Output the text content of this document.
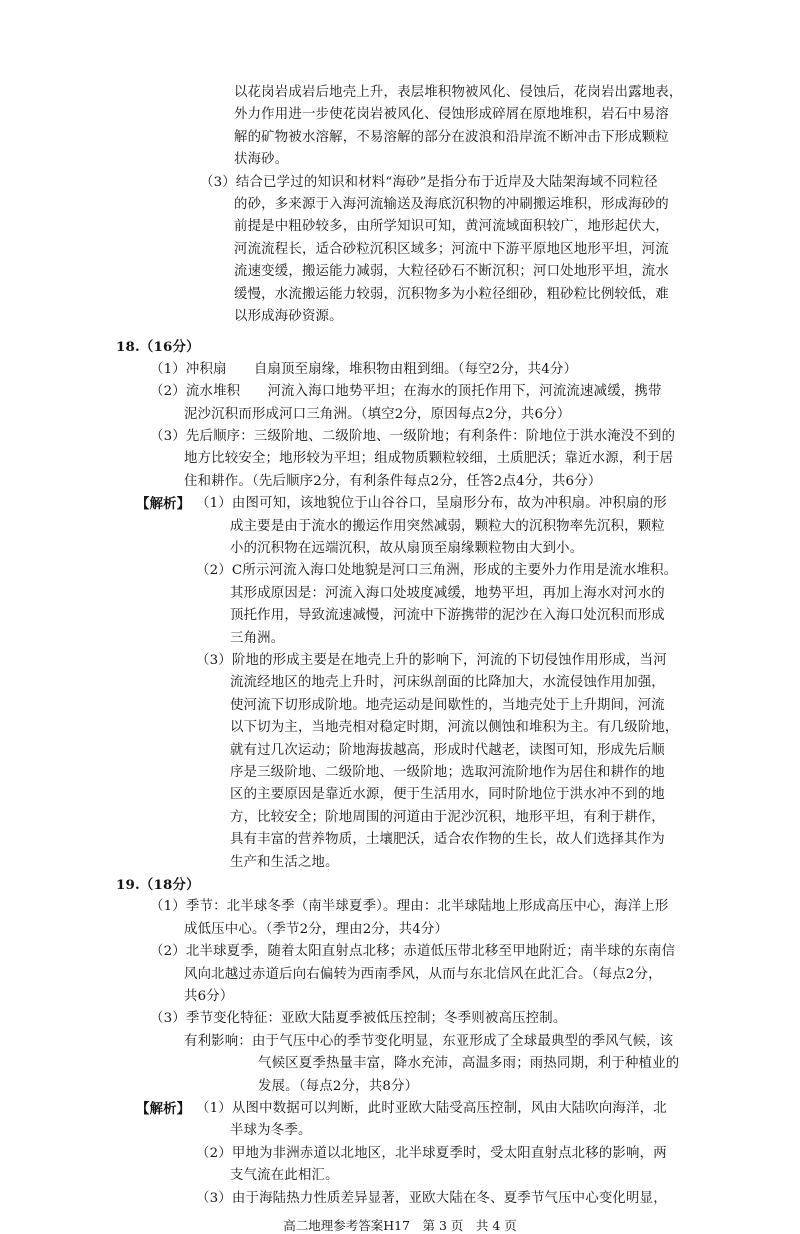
高二地理参考答案H17　第 3 页　共 4 页
以花岗岩成岩后地壳上升，表层堆积物被风化、侵蚀后，花岗岩出露地表，
外力作用进一步使花岗岩被风化、侵蚀形成碎屑在原地堆积，岩石中易溶
解的矿物被水溶解，不易溶解的部分在波浪和沿岸流不断冲击下形成颗粒
状海砂。
（3）结合已学过的知识和材料“海砂”是指分布于近岸及大陆架海域不同粒径
的砂，多来源于入海河流输送及海底沉积物的冲刷搬运堆积，形成海砂的
前提是中粗砂较多，由所学知识可知，黄河流域面积较广，地形起伏大，
河流流程长，适合砂粒沉积区域多；河流中下游平原地区地形平坦，河流
流速变缓，搬运能力减弱，大粒径砂石不断沉积；河口处地形平坦，流水
缓慢，水流搬运能力较弱，沉积物多为小粒径细砂，粗砂粒比例较低，难
以形成海砂资源。
18.（16分）
（1）冲积扇　　自扇顶至扇缘，堆积物由粗到细。（每空2分，共4分）
（2）流水堆积　　河流入海口地势平坦；在海水的顶托作用下，河流流速减缓，携带
泥沙沉积而形成河口三角洲。（填空2分，原因每点2分，共6分）
（3）先后顺序：三级阶地、二级阶地、一级阶地；有利条件：阶地位于洪水淹没不到的
地方比较安全；地形较为平坦；组成物质颗粒较细，土质肥沃；靠近水源，利于居
住和耕作。（先后顺序2分，有利条件每点2分，任答2点4分，共6分）
【解析】 （1）由图可知，该地貌位于山谷谷口，呈扇形分布，故为冲积扇。冲积扇的形
成主要是由于流水的搬运作用突然减弱，颗粒大的沉积物率先沉积，颗粒
小的沉积物在远端沉积，故从扇顶至扇缘颗粒物由大到小。
（2）C所示河流入海口处地貌是河口三角洲，形成的主要外力作用是流水堆积。
其形成原因是：河流入海口处坡度减缓，地势平坦，再加上海水对河水的
顶托作用，导致流速减慢，河流中下游携带的泥沙在入海口处沉积而形成
三角洲。
（3）阶地的形成主要是在地壳上升的影响下，河流的下切侵蚀作用形成，当河
流流经地区的地壳上升时，河床纵剖面的比降加大，水流侵蚀作用加强，
使河流下切形成阶地。地壳运动是间歇性的，当地壳处于上升期间，河流
以下切为主，当地壳相对稳定时期，河流以侧蚀和堆积为主。有几级阶地，
就有过几次运动；阶地海拔越高，形成时代越老，读图可知，形成先后顺
序是三级阶地、二级阶地、一级阶地；选取河流阶地作为居住和耕作的地
区的主要原因是靠近水源，便于生活用水，同时阶地位于洪水冲不到的地
方，比较安全；阶地周围的河道由于泥沙沉积，地形平坦，有利于耕作，
具有丰富的营养物质，土壤肥沃，适合农作物的生长，故人们选择其作为
生产和生活之地。
19.（18分）
（1）季节：北半球冬季（南半球夏季）。理由：北半球陆地上形成高压中心，海洋上形
成低压中心。（季节2分，理由2分，共4分）
（2）北半球夏季，随着太阳直射点北移；赤道低压带北移至甲地附近；南半球的东南信
风向北越过赤道后向右偏转为西南季风，从而与东北信风在此汇合。（每点2分，
共6分）
（3）季节变化特征：亚欧大陆夏季被低压控制；冬季则被高压控制。
有利影响：由于气压中心的季节变化明显，东亚形成了全球最典型的季风气候，该
气候区夏季热量丰富，降水充沛，高温多雨；雨热同期，利于种植业的
发展。（每点2分，共8分）
【解析】 （1）从图中数据可以判断，此时亚欧大陆受高压控制，风由大陆吹向海洋，北
半球为冬季。
（2）甲地为非洲赤道以北地区，北半球夏季时，受太阳直射点北移的影响，两
支气流在此相汇。
（3）由于海陆热力性质差异显著，亚欧大陆在冬、夏季节气压中心变化明显，
